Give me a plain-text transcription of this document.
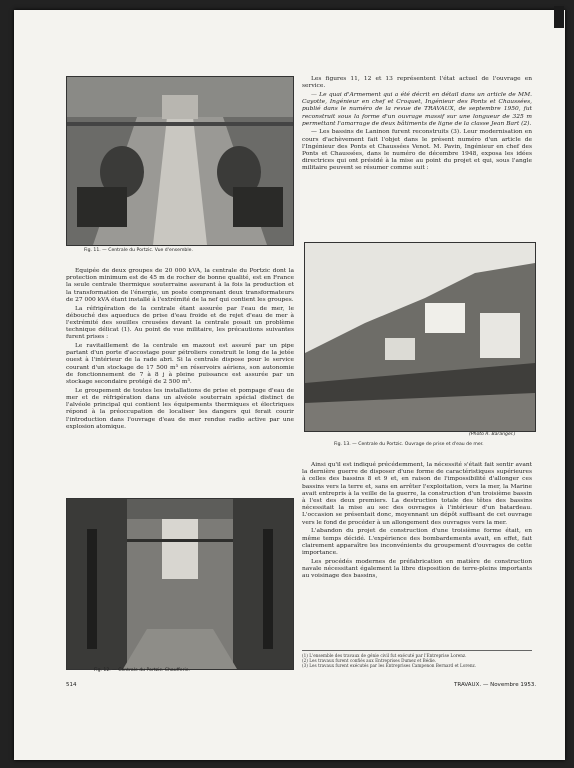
Fig. 11. — Centrale du Portzic. Vue d'ensemble.

Equipée de deux groupes de 20 000 kVA, la centrale du Portzic dont la protection minimum est de 45 m de rocher de bonne qualité, est en France la seule centrale thermique souterraine assurant à la fois la production et la transformation de l'énergie, un poste comprenant deux transformateurs de 27 000 kVA étant installé à l'extrémité de la nef qui contient les groupes.

La réfrigération de la centrale étant assurée par l'eau de mer, le débouché des aqueducs de prise d'eau froide et de rejet d'eau de mer à l'extrémité des souilles creusées devant la centrale posait un problème technique délicat (1). Au point de vue militaire, les précautions suivantes furent prises :

Le ravitaillement de la centrale en mazout est assuré par un pipe partant d'un porte d'accostage pour pétroliers construit le long de la jetée ouest à l'intérieur de la rade abri. Si la centrale dispose pour le service courant d'un stockage de 17 500 m³ en réservoirs aériens, son autonomie de fonctionnement de 7 à 8 j à pleine puissance est assurée par un stockage secondaire protégé de 2 500 m³.

Le groupement de toutes les installations de prise et pompage d'eau de mer et de réfrigération dans un alvéole souterrain spécial distinct de l'alvéole principal qui contient les équipements thermiques et électriques répond à la préoccupation de localiser les dangers qui ferait courir l'introduction dans l'ouvrage d'eau de mer rendue radio active par une explosion atomique.

Fig. 12. — Centrale du Portzic. Chaufferie.

Les figures 11, 12 et 13 représentent l'état actuel de l'ouvrage en service.

— Le quai d'Armement qui a été décrit en détail dans un article de MM. Cayotte, Ingénieur en chef et Croquet, Ingénieur des Ponts et Chaussées, publié dans le numéro de la revue de TRAVAUX, de septembre 1950, fut reconstruit sous la forme d'un ouvrage massif sur une longueur de 325 m permettant l'amarrage de deux bâtiments de ligne de la classe Jean Bart (2).

— Les bassins de Laninon furent reconstruits (3). Leur modernisation en cours d'achèvement fait l'objet dans le présent numéro d'un article de l'Ingénieur des Ponts et Chaussées Venot. M. Pavin, Ingénieur en chef des Ponts et Chaussées, dans le numéro de décembre 1948, exposa les idées directrices qui ont présidé à la mise au point du projet et qui, sous l'angle militaire peuvent se résumer comme suit :

(Photo R. Baranger.)
Fig. 13. — Centrale du Portzic. Ouvrage de prise et d'eau de mer.

Ainsi qu'il est indiqué précédemment, la nécessité s'était fait sentir avant la dernière guerre de disposer d'une forme de caractéristiques supérieures à celles des bassins 8 et 9 et, en raison de l'impossibilité d'allonger ces bassins vers la terre et, sans en arrêter l'exploitation, vers la mer, la Marine avait entrepris à la veille de la guerre, la construction d'un troisième bassin à l'est des deux premiers. La destruction totale des têtes des bassins nécessitait la mise au sec des ouvrages à l'intérieur d'un batardeau. L'occasion se présentait donc, moyennant un dépôt suffisant de cet ouvrage vers le fond de procéder à un allongement des ouvrages vers la mer.

L'abandon du projet de construction d'une troisième forme était, en même temps décidé. L'expérience des bombardements avait, en effet, fait clairement apparaître les inconvénients du groupement d'ouvrages de cette importance.

Les procédés modernes de préfabrication en matière de construction navale nécessitant également la libre disposition de terre-pleins importants au voisinage des bassins,

(1) L'ensemble des travaux de génie civil fut exécuté par l'Entreprise Lorenz.

(2) Les travaux furent confiés aux Entreprises Dumez et Bédie.

(3) Les travaux furent exécutés par les Entreprises Campenon Bernard et Lorenz.

514	TRAVAUX. — Novembre 1953.
